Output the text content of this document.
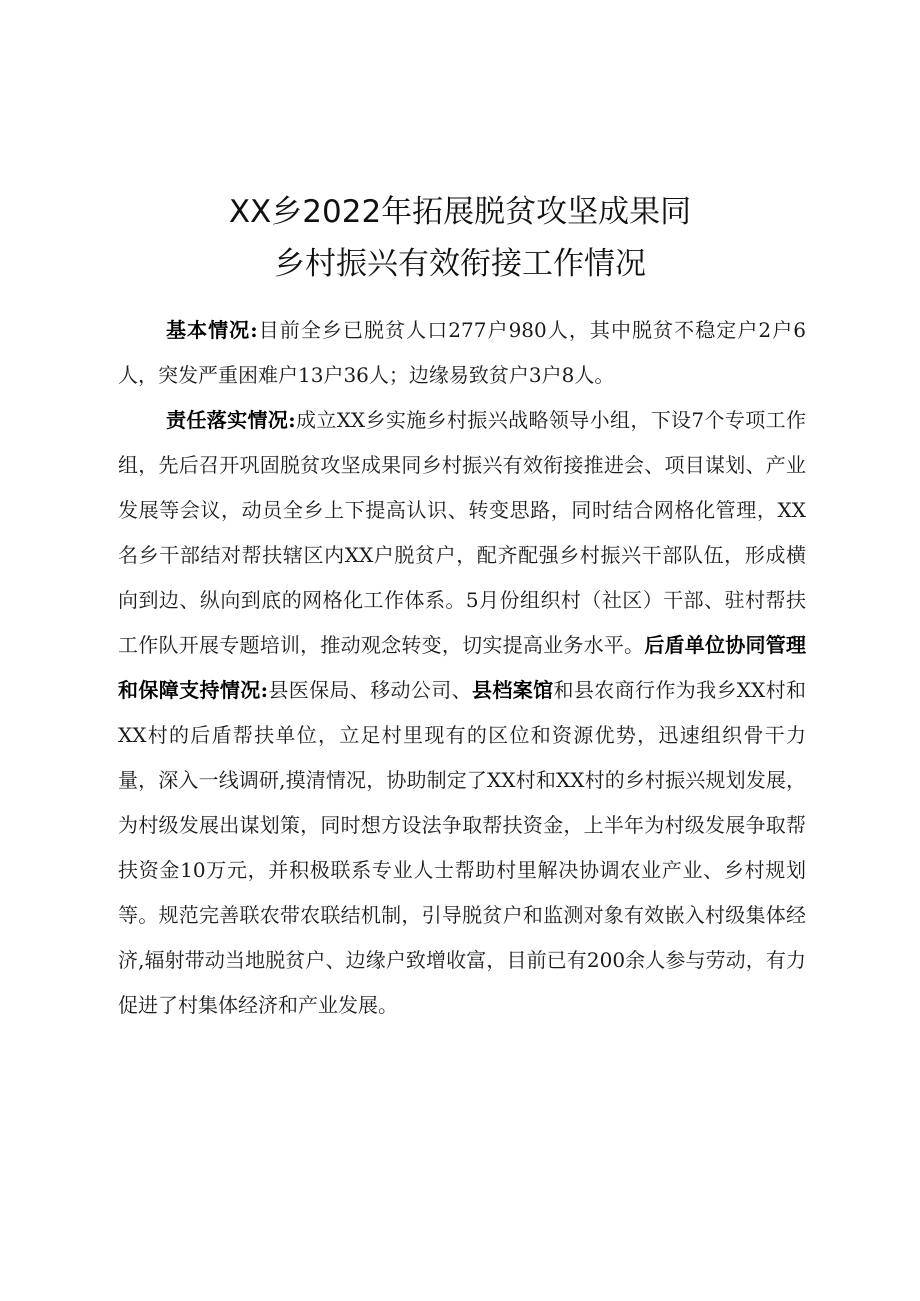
XX乡2022年拓展脱贫攻坚成果同
乡村振兴有效衔接工作情况

基本情况:目前全乡已脱贫人口277户980人，其中脱贫不稳定户2户6人，突发严重困难户13户36人；边缘易致贫户3户8人。

责任落实情况:成立XX乡实施乡村振兴战略领导小组，下设7个专项工作组，先后召开巩固脱贫攻坚成果同乡村振兴有效衔接推进会、项目谋划、产业发展等会议，动员全乡上下提高认识、转变思路，同时结合网格化管理，XX名乡干部结对帮扶辖区内XX户脱贫户，配齐配强乡村振兴干部队伍，形成横向到边、纵向到底的网格化工作体系。5月份组织村（社区）干部、驻村帮扶工作队开展专题培训，推动观念转变，切实提高业务水平。后盾单位协同管理和保障支持情况:县医保局、移动公司、县档案馆和县农商行作为我乡XX村和XX村的后盾帮扶单位，立足村里现有的区位和资源优势，迅速组织骨干力量，深入一线调研,摸清情况，协助制定了XX村和XX村的乡村振兴规划发展，为村级发展出谋划策，同时想方设法争取帮扶资金，上半年为村级发展争取帮扶资金10万元，并积极联系专业人士帮助村里解决协调农业产业、乡村规划等。规范完善联农带农联结机制，引导脱贫户和监测对象有效嵌入村级集体经济,辐射带动当地脱贫户、边缘户致增收富，目前已有200余人参与劳动，有力促进了村集体经济和产业发展。
